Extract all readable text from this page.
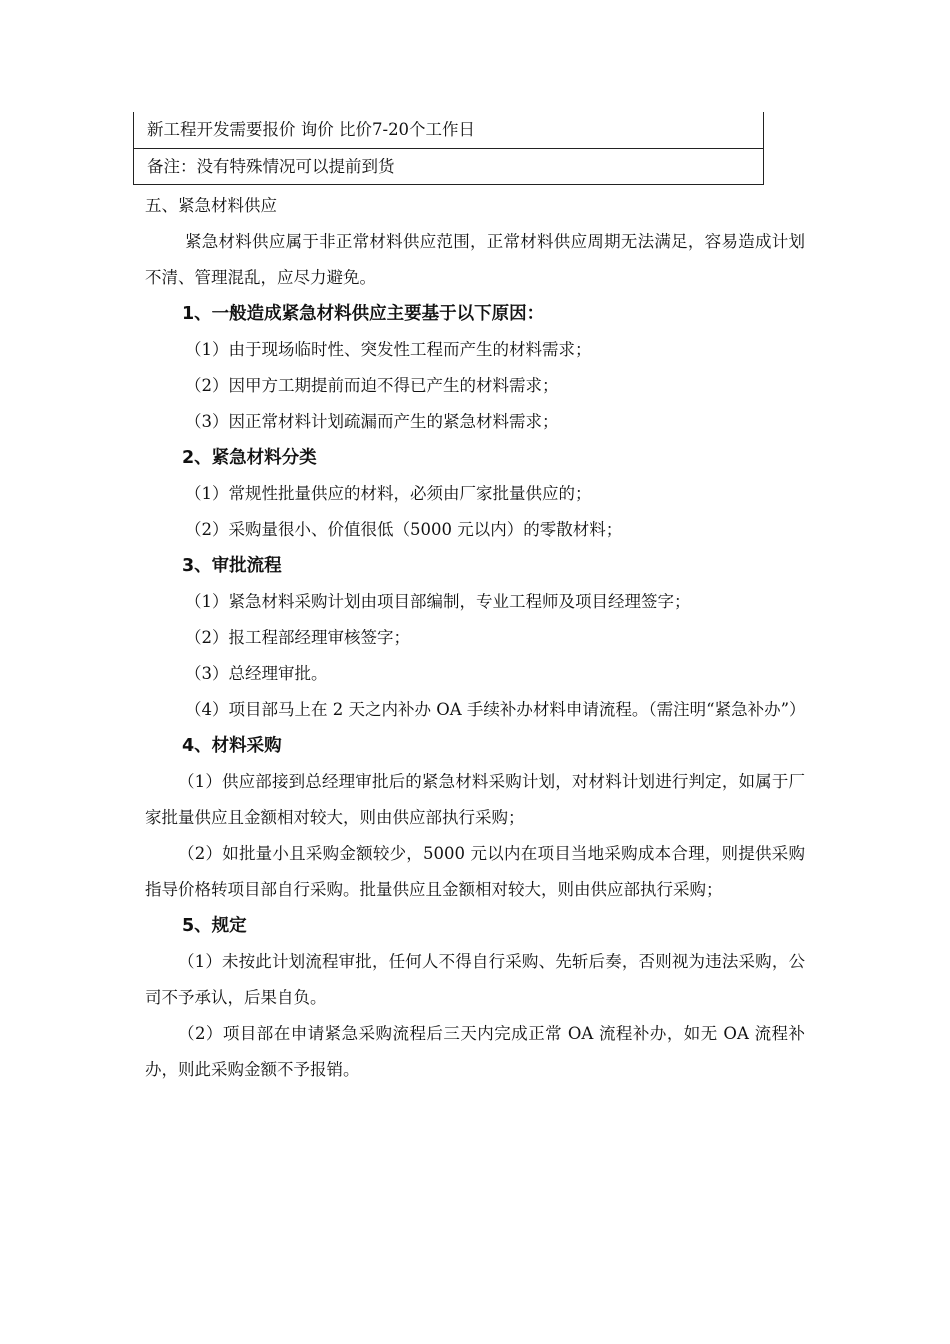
新工程开发需要报价 询价 比价7-20个工作日
备注：没有特殊情况可以提前到货

五、紧急材料供应

紧急材料供应属于非正常材料供应范围，正常材料供应周期无法满足，容易造成计划不清、管理混乱，应尽力避免。

1、一般造成紧急材料供应主要基于以下原因：

（1）由于现场临时性、突发性工程而产生的材料需求；

（2）因甲方工期提前而迫不得已产生的材料需求；

（3）因正常材料计划疏漏而产生的紧急材料需求；

2、紧急材料分类

（1）常规性批量供应的材料，必须由厂家批量供应的；

（2）采购量很小、价值很低（5000 元以内）的零散材料；

3、审批流程

（1）紧急材料采购计划由项目部编制，专业工程师及项目经理签字；

（2）报工程部经理审核签字；

（3）总经理审批。

（4）项目部马上在 2 天之内补办 OA 手续补办材料申请流程。（需注明“紧急补办”）

4、材料采购

（1）供应部接到总经理审批后的紧急材料采购计划，对材料计划进行判定，如属于厂家批量供应且金额相对较大，则由供应部执行采购；

（2）如批量小且采购金额较少，5000 元以内在项目当地采购成本合理，则提供采购指导价格转项目部自行采购。批量供应且金额相对较大，则由供应部执行采购；

5、规定

（1）未按此计划流程审批，任何人不得自行采购、先斩后奏，否则视为违法采购，公司不予承认，后果自负。

（2）项目部在申请紧急采购流程后三天内完成正常 OA 流程补办，如无 OA 流程补办，则此采购金额不予报销。
